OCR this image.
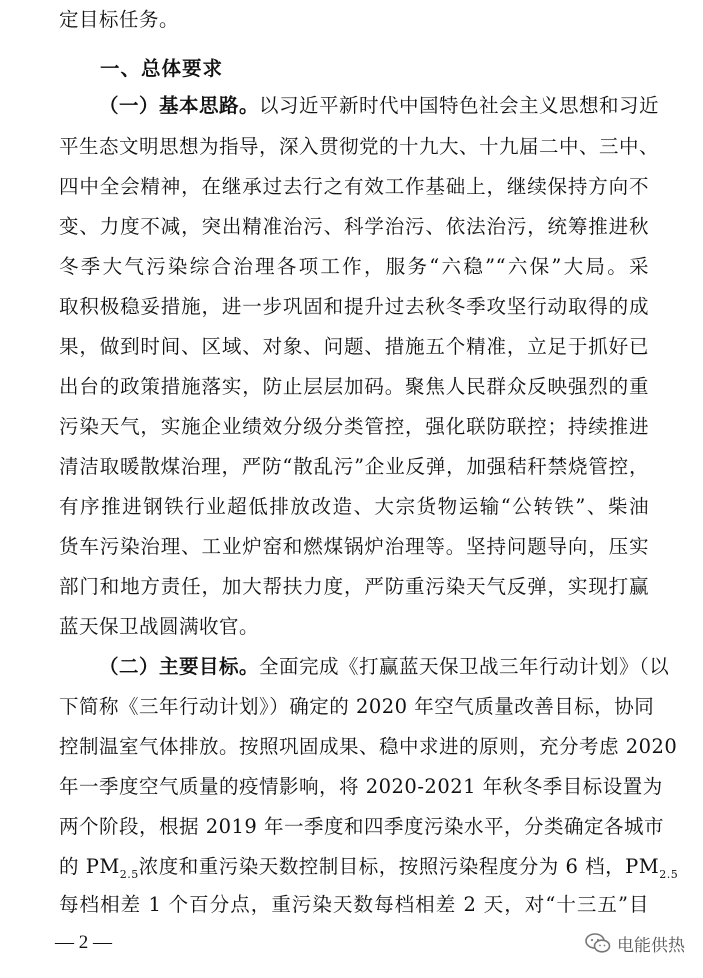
定目标任务。
一、总体要求
（一）基本思路。以习近平新时代中国特色社会主义思想和习近
平生态文明思想为指导，深入贯彻党的十九大、十九届二中、三中、
四中全会精神，在继承过去行之有效工作基础上，继续保持方向不
变、力度不减，突出精准治污、科学治污、依法治污，统筹推进秋
冬季大气污染综合治理各项工作，服务“六稳”“六保”大局。采
取积极稳妥措施，进一步巩固和提升过去秋冬季攻坚行动取得的成
果，做到时间、区域、对象、问题、措施五个精准，立足于抓好已
出台的政策措施落实，防止层层加码。聚焦人民群众反映强烈的重
污染天气，实施企业绩效分级分类管控，强化联防联控；持续推进
清洁取暖散煤治理，严防“散乱污”企业反弹，加强秸秆禁烧管控，
有序推进钢铁行业超低排放改造、大宗货物运输“公转铁”、柴油
货车污染治理、工业炉窑和燃煤锅炉治理等。坚持问题导向，压实
部门和地方责任，加大帮扶力度，严防重污染天气反弹，实现打赢
蓝天保卫战圆满收官。
（二）主要目标。全面完成《打赢蓝天保卫战三年行动计划》（以
下简称《三年行动计划》）确定的 2020 年空气质量改善目标，协同
控制温室气体排放。按照巩固成果、稳中求进的原则，充分考虑 2020
年一季度空气质量的疫情影响，将 2020-2021 年秋冬季目标设置为
两个阶段，根据 2019 年一季度和四季度污染水平，分类确定各城市
的 $PM_{2.5}$浓度和重污染天数控制目标，按照污染程度分为 6 档，$PM_{2.5}$
每档相差 1 个百分点，重污染天数每档相差 2 天，对“十三五”目
— 2 —	电能供热
